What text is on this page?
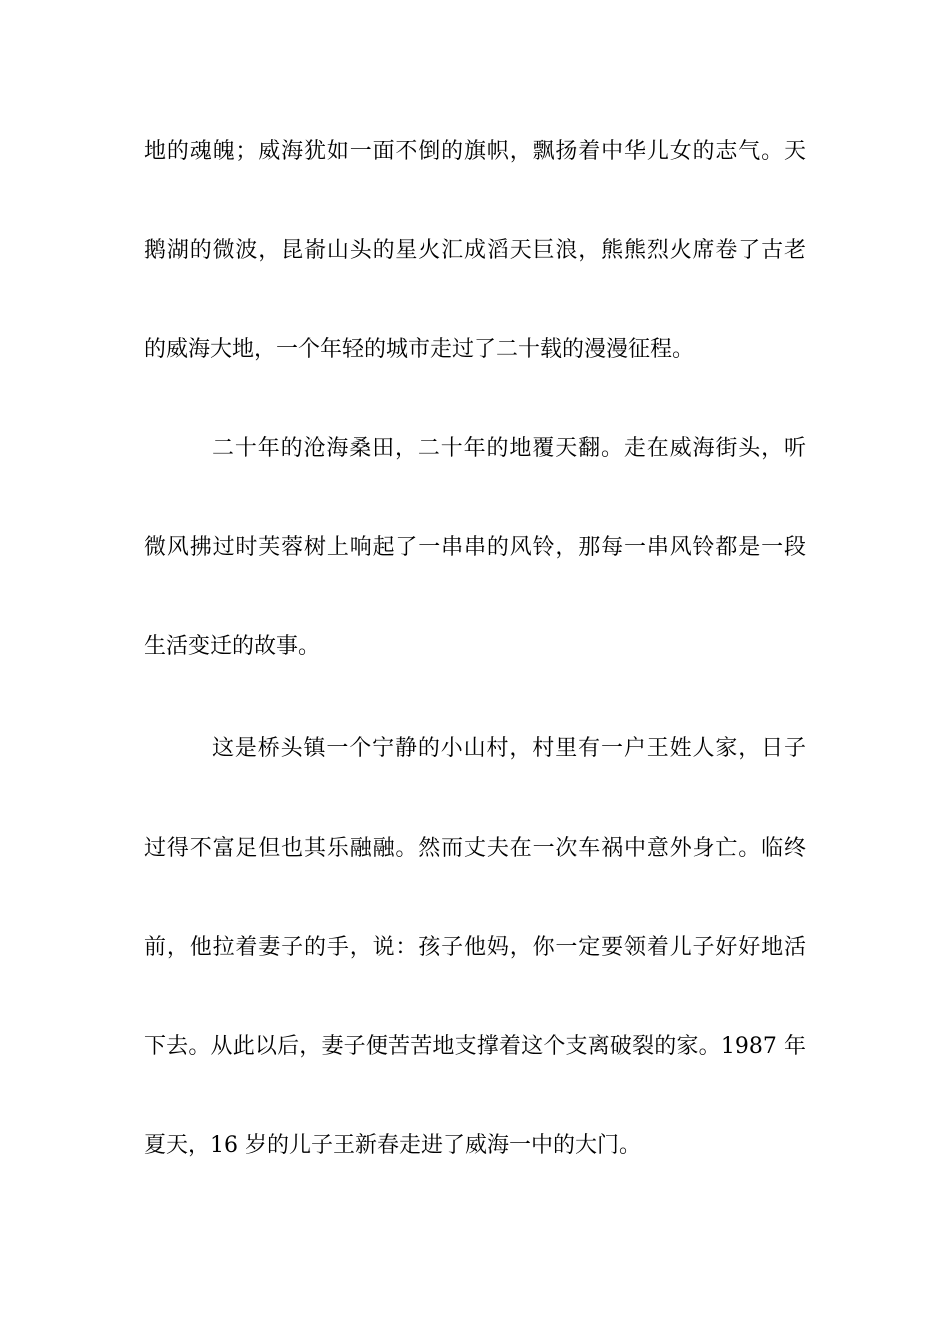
地的魂魄；威海犹如一面不倒的旗帜，飘扬着中华儿女的志气。天
鹅湖的微波，昆嵛山头的星火汇成滔天巨浪，熊熊烈火席卷了古老
的威海大地，一个年轻的城市走过了二十载的漫漫征程。
二十年的沧海桑田，二十年的地覆天翻。走在威海街头，听
微风拂过时芙蓉树上响起了一串串的风铃，那每一串风铃都是一段
生活变迁的故事。
这是桥头镇一个宁静的小山村，村里有一户王姓人家，日子
过得不富足但也其乐融融。然而丈夫在一次车祸中意外身亡。临终
前，他拉着妻子的手，说：孩子他妈，你一定要领着儿子好好地活
下去。从此以后，妻子便苦苦地支撑着这个支离破裂的家。1987 年
夏天，16 岁的儿子王新春走进了威海一中的大门。
